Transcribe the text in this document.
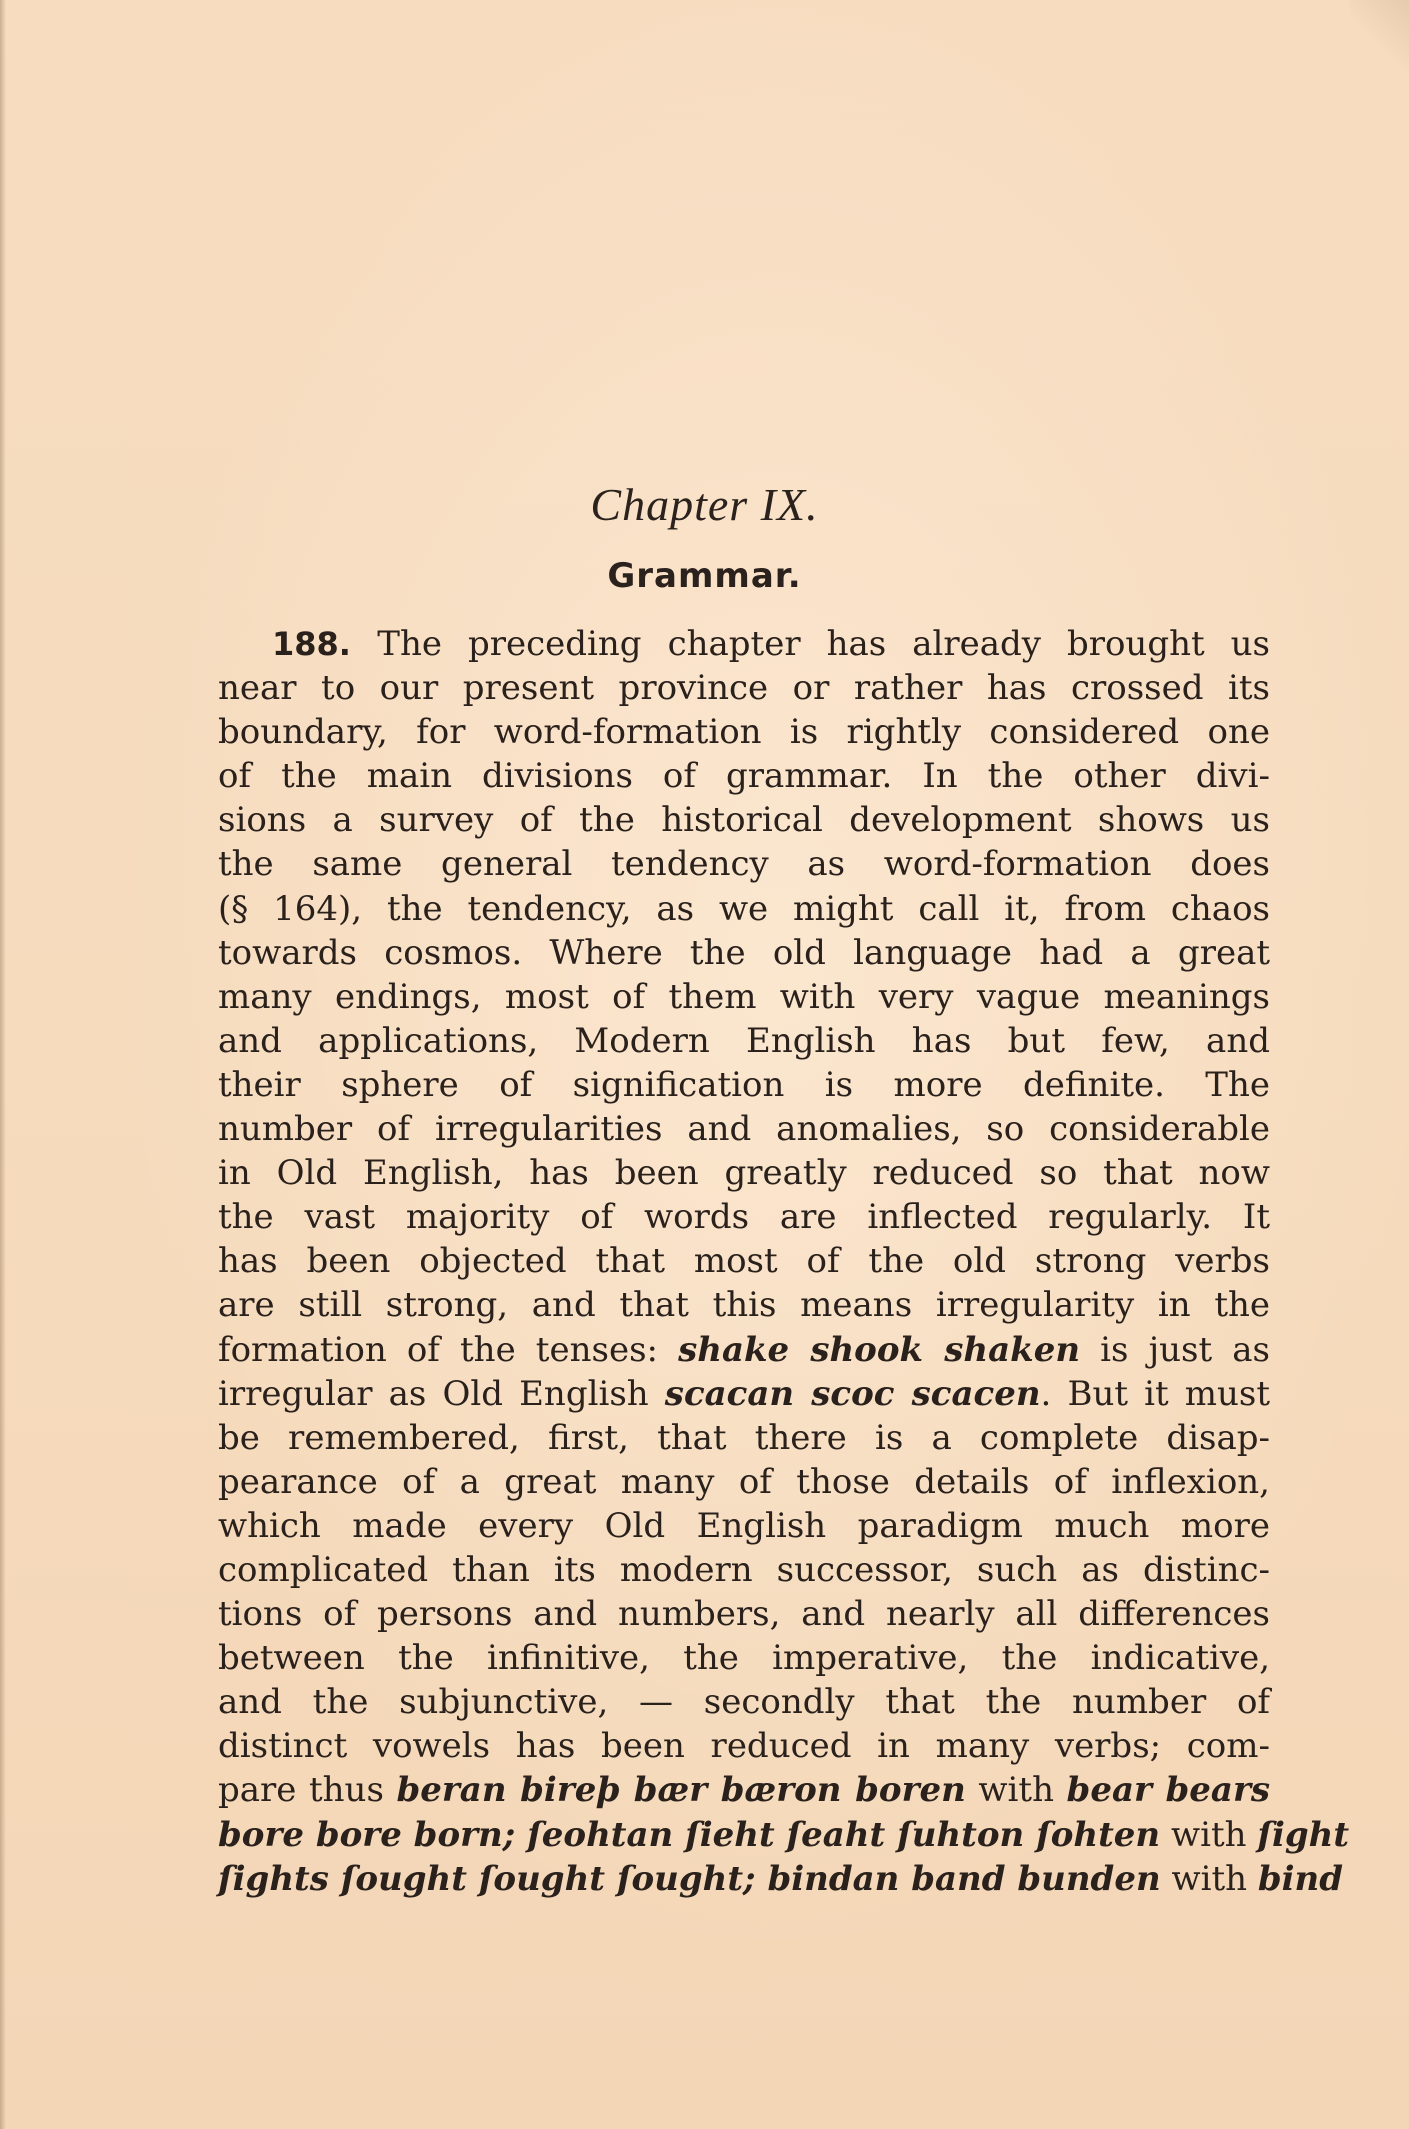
Chapter IX.
Grammar.
188. The preceding chapter has already brought us
near to our present province or rather has crossed its
boundary, for word-formation is rightly considered one
of the main divisions of grammar. In the other divi-
sions a survey of the historical development shows us
the same general tendency as word-formation does
(§ 164), the tendency, as we might call it, from chaos
towards cosmos. Where the old language had a great
many endings, most of them with very vague meanings
and applications, Modern English has but few, and
their sphere of signification is more definite. The
number of irregularities and anomalies, so considerable
in Old English, has been greatly reduced so that now
the vast majority of words are inflected regularly. It
has been objected that most of the old strong verbs
are still strong, and that this means irregularity in the
formation of the tenses: shake shook shaken is just as
irregular as Old English scacan scoc scacen. But it must
be remembered, first, that there is a complete disap-
pearance of a great many of those details of inflexion,
which made every Old English paradigm much more
complicated than its modern successor, such as distinc-
tions of persons and numbers, and nearly all differences
between the infinitive, the imperative, the indicative,
and the subjunctive, — secondly that the number of
distinct vowels has been reduced in many verbs; com-
pare thus beran bireþ bær bæron boren with bear bears
bore bore born; ſeohtan ſieht ſeaht ſuhton ſohten with ſight
ſights ſought ſought ſought; bindan band bunden with bind
